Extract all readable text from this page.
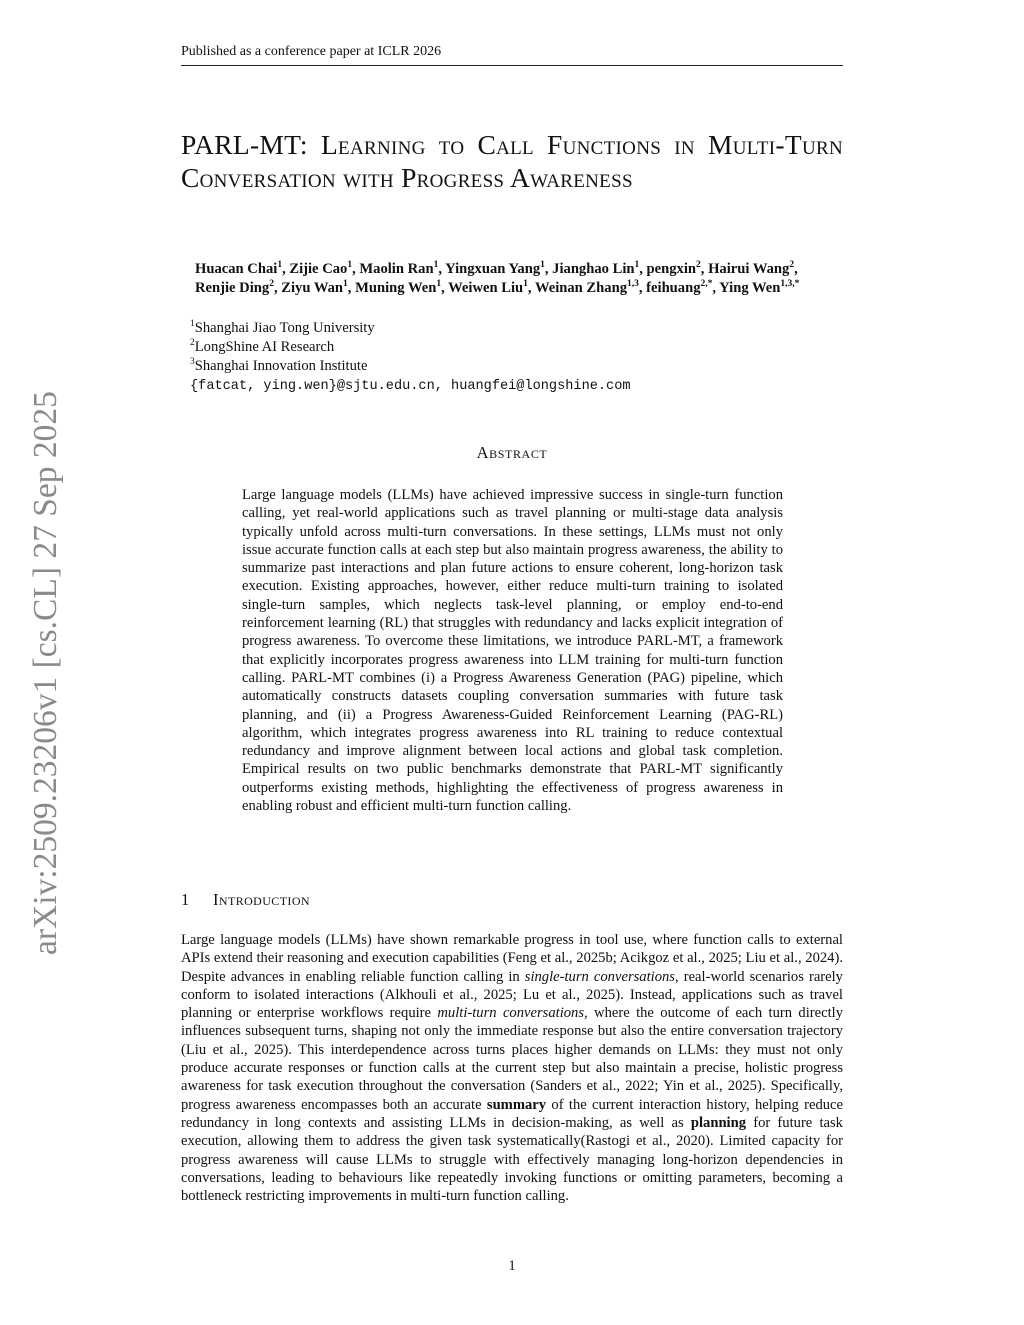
Published as a conference paper at ICLR 2026
arXiv:2509.23206v1 [cs.CL] 27 Sep 2025
PARL-MT: Learning to Call Functions in Multi-Turn Conversation with Progress Awareness
Huacan Chai$^1$, Zijie Cao$^1$, Maolin Ran$^1$, Yingxuan Yang$^1$, Jianghao Lin$^1$, pengxin$^2$, Hairui Wang$^2$, Renjie Ding$^2$, Ziyu Wan$^1$, Muning Wen$^1$, Weiwen Liu$^1$, Weinan Zhang$^{1,3}$, feihuang$^{2,*}$, Ying Wen$^{1,3,*}$
$^1$Shanghai Jiao Tong University
$^2$LongShine AI Research
$^3$Shanghai Innovation Institute
{fatcat, ying.wen}@sjtu.edu.cn, huangfei@longshine.com
Abstract

Large language models (LLMs) have achieved impressive success in single-turn function calling, yet real-world applications such as travel planning or multi-stage data analysis typically unfold across multi-turn conversations. In these settings, LLMs must not only issue accurate function calls at each step but also maintain progress awareness, the ability to summarize past interactions and plan future actions to ensure coherent, long-horizon task execution. Existing approaches, however, either reduce multi-turn training to isolated single-turn samples, which neglects task-level planning, or employ end-to-end reinforcement learning (RL) that struggles with redundancy and lacks explicit integration of progress awareness. To overcome these limitations, we introduce PARL-MT, a framework that explicitly incorporates progress awareness into LLM training for multi-turn function calling. PARL-MT combines (i) a Progress Awareness Generation (PAG) pipeline, which automatically constructs datasets coupling conversation summaries with future task planning, and (ii) a Progress Awareness-Guided Reinforcement Learning (PAG-RL) algorithm, which integrates progress awareness into RL training to reduce contextual redundancy and improve alignment between local actions and global task completion. Empirical results on two public benchmarks demonstrate that PARL-MT significantly outperforms existing methods, highlighting the effectiveness of progress awareness in enabling robust and efficient multi-turn function calling.

1 Introduction

Large language models (LLMs) have shown remarkable progress in tool use, where function calls to external APIs extend their reasoning and execution capabilities (Feng et al., 2025b; Acikgoz et al., 2025; Liu et al., 2024). Despite advances in enabling reliable function calling in single-turn conversations, real-world scenarios rarely conform to isolated interactions (Alkhouli et al., 2025; Lu et al., 2025). Instead, applications such as travel planning or enterprise workflows require multi-turn conversations, where the outcome of each turn directly influences subsequent turns, shaping not only the immediate response but also the entire conversation trajectory (Liu et al., 2025). This interdependence across turns places higher demands on LLMs: they must not only produce accurate responses or function calls at the current step but also maintain a precise, holistic progress awareness for task execution throughout the conversation (Sanders et al., 2022; Yin et al., 2025). Specifically, progress awareness encompasses both an accurate summary of the current interaction history, helping reduce redundancy in long contexts and assisting LLMs in decision-making, as well as planning for future task execution, allowing them to address the given task systematically(Rastogi et al., 2020). Limited capacity for progress awareness will cause LLMs to struggle with effectively managing long-horizon dependencies in conversations, leading to behaviours like repeatedly invoking functions or omitting parameters, becoming a bottleneck restricting improvements in multi-turn function calling.

1
